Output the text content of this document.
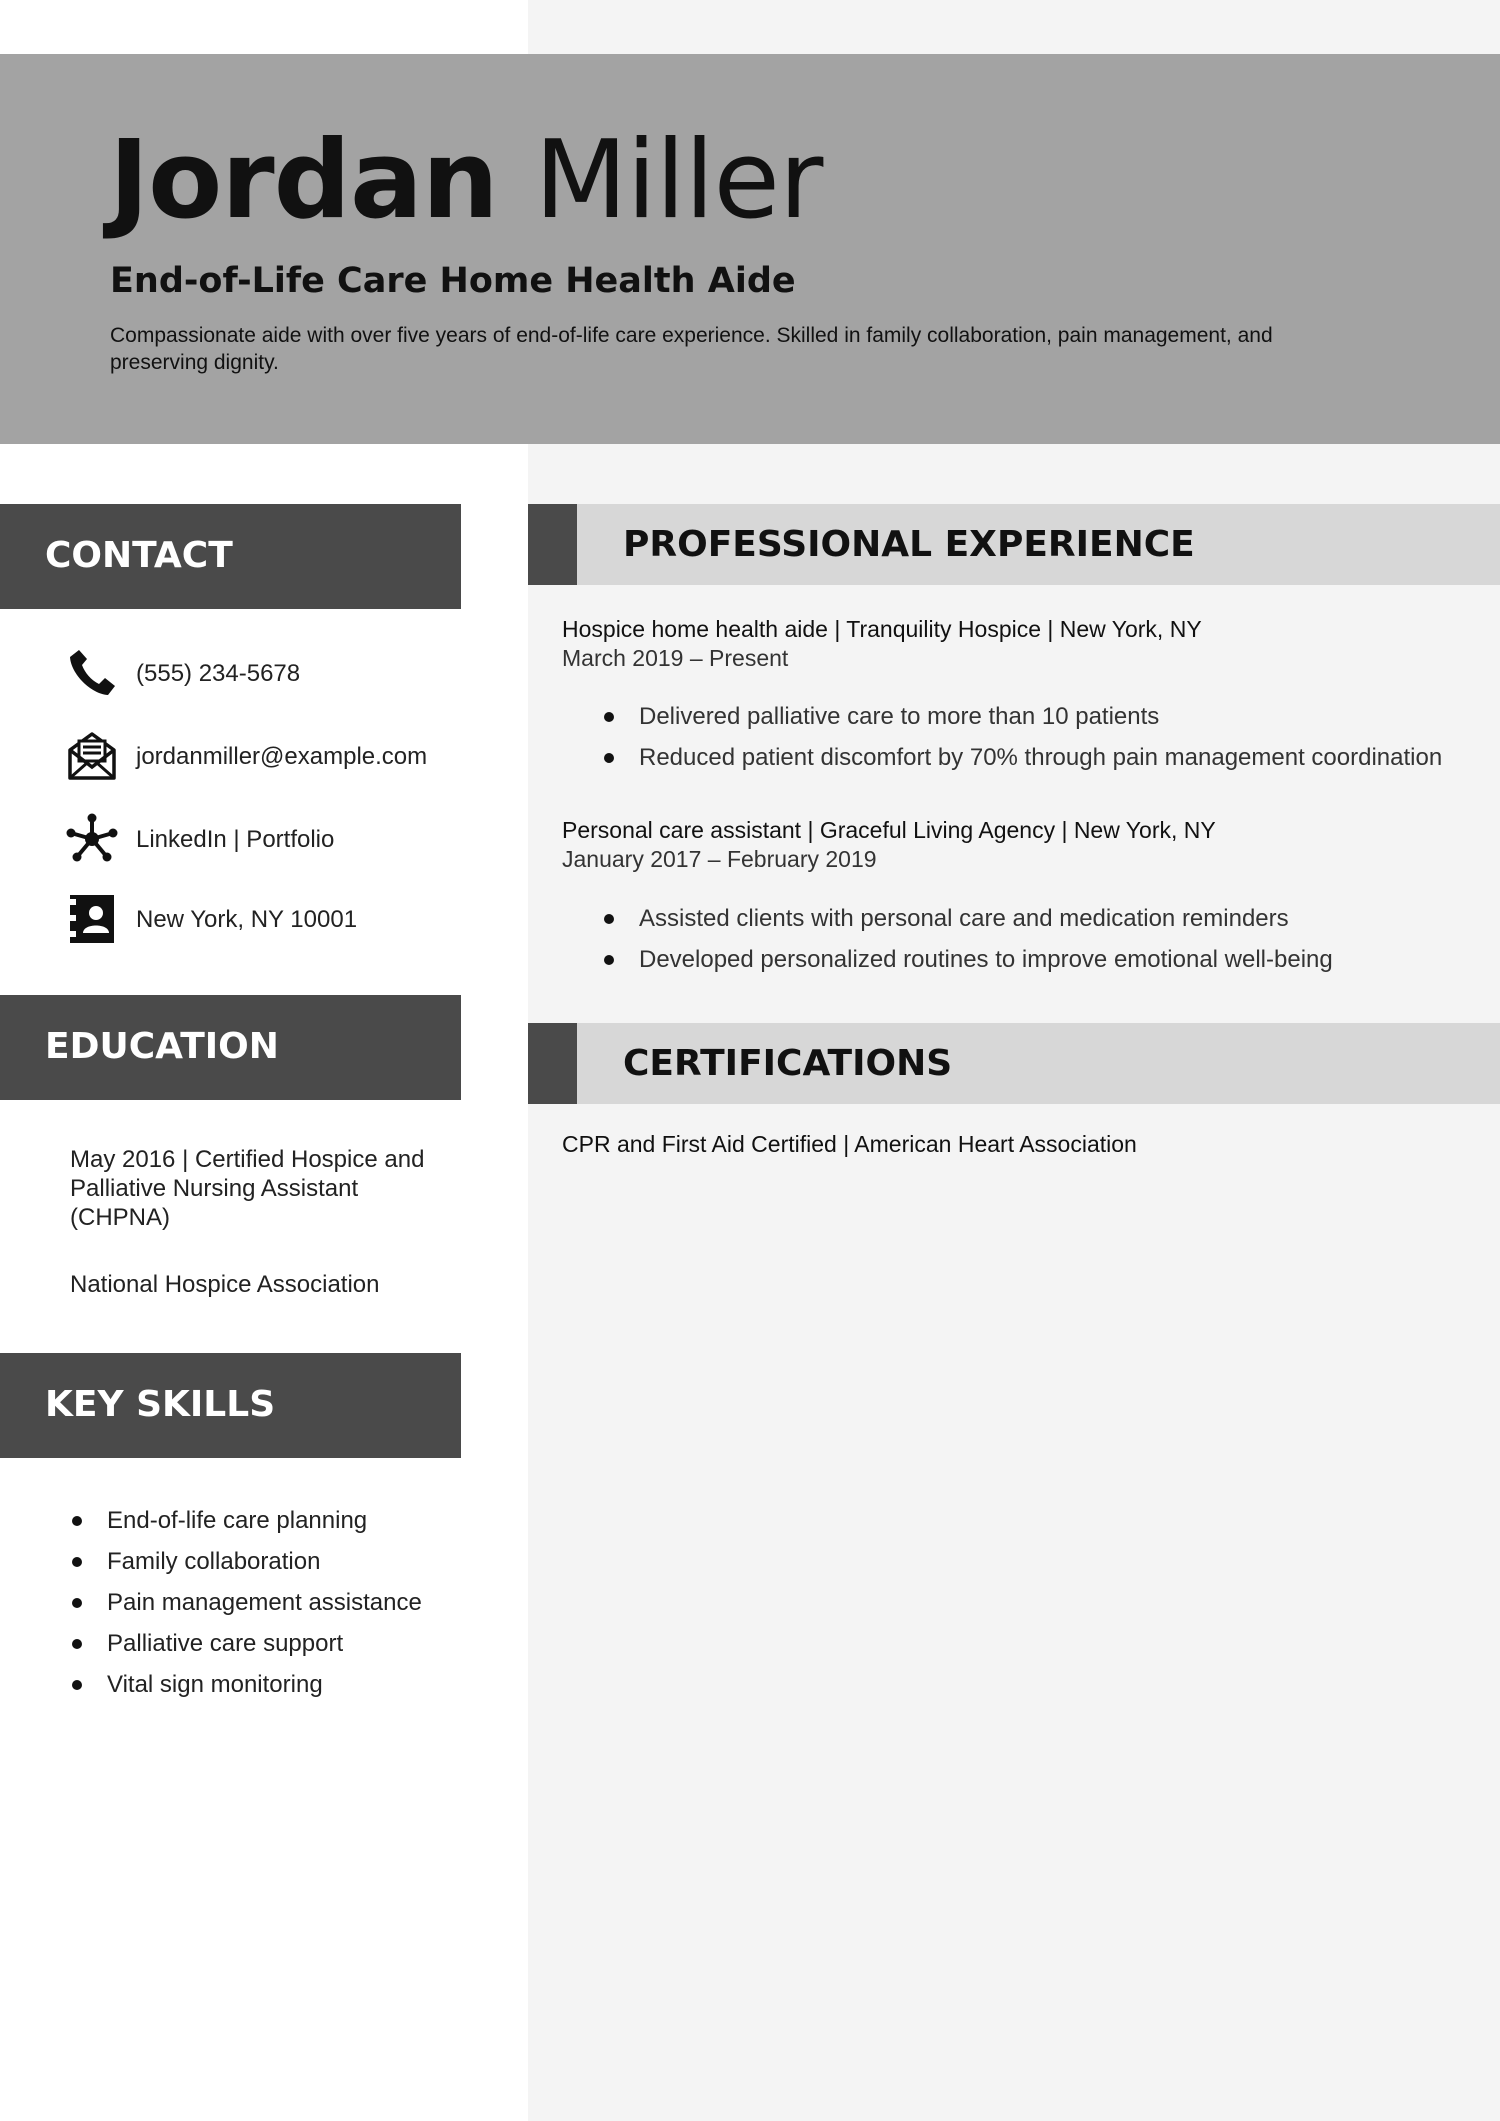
Jordan Miller
End-of-Life Care Home Health Aide

Compassionate aide with over five years of end-of-life care experience. Skilled in family collaboration, pain management, and preserving dignity.

CONTACT
(555) 234-5678
jordanmiller@example.com
LinkedIn | Portfolio
New York, NY 10001
EDUCATION

May 2016 | Certified Hospice and Palliative Nursing Assistant (CHPNA)

National Hospice Association

KEY SKILLS
End-of-life care planning
Family collaboration
Pain management assistance
Palliative care support
Vital sign monitoring
PROFESSIONAL EXPERIENCE
Hospice home health aide | Tranquility Hospice | New York, NY
March 2019 – Present
Delivered palliative care to more than 10 patients
Reduced patient discomfort by 70% through pain management coordination
Personal care assistant | Graceful Living Agency | New York, NY
January 2017 – February 2019
Assisted clients with personal care and medication reminders
Developed personalized routines to improve emotional well-being
CERTIFICATIONS
CPR and First Aid Certified | American Heart Association
